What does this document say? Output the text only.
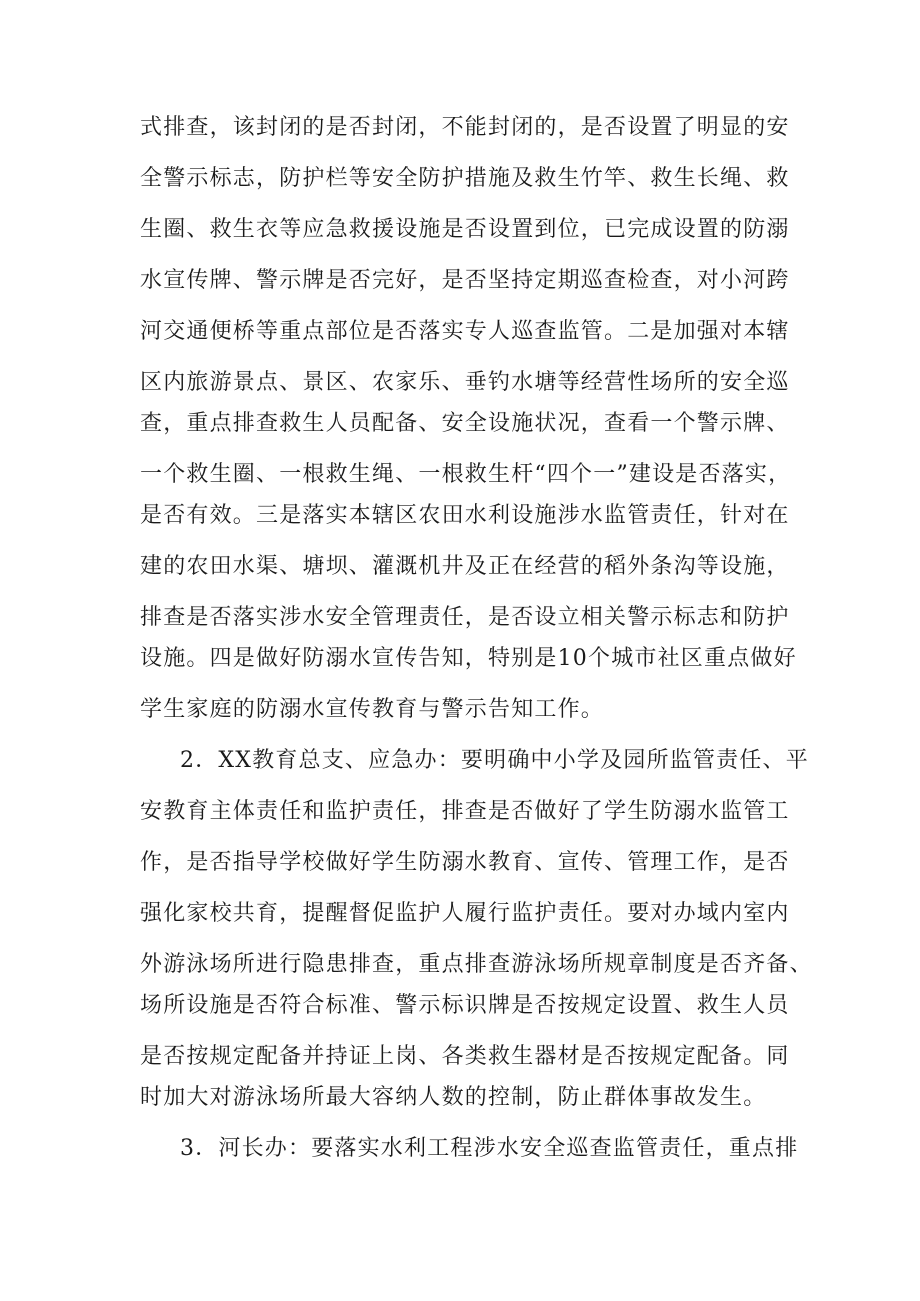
式排查，该封闭的是否封闭，不能封闭的，是否设置了明显的安
全警示标志，防护栏等安全防护措施及救生竹竿、救生长绳、救
生圈、救生衣等应急救援设施是否设置到位，已完成设置的防溺
水宣传牌、警示牌是否完好，是否坚持定期巡查检查，对小河跨
河交通便桥等重点部位是否落实专人巡查监管。二是加强对本辖
区内旅游景点、景区、农家乐、垂钓水塘等经营性场所的安全巡
查，重点排查救生人员配备、安全设施状况，查看一个警示牌、
一个救生圈、一根救生绳、一根救生杆“四个一”建设是否落实，
是否有效。三是落实本辖区农田水利设施涉水监管责任，针对在
建的农田水渠、塘坝、灌溉机井及正在经营的稻外条沟等设施，
排查是否落实涉水安全管理责任，是否设立相关警示标志和防护
设施。四是做好防溺水宣传告知，特别是10个城市社区重点做好
学生家庭的防溺水宣传教育与警示告知工作。
2．XX教育总支、应急办：要明确中小学及园所监管责任、平
安教育主体责任和监护责任，排查是否做好了学生防溺水监管工
作，是否指导学校做好学生防溺水教育、宣传、管理工作，是否
强化家校共育，提醒督促监护人履行监护责任。要对办域内室内
外游泳场所进行隐患排查，重点排查游泳场所规章制度是否齐备、
场所设施是否符合标准、警示标识牌是否按规定设置、救生人员
是否按规定配备并持证上岗、各类救生器材是否按规定配备。同
时加大对游泳场所最大容纳人数的控制，防止群体事故发生。
3．河长办：要落实水利工程涉水安全巡查监管责任，重点排
